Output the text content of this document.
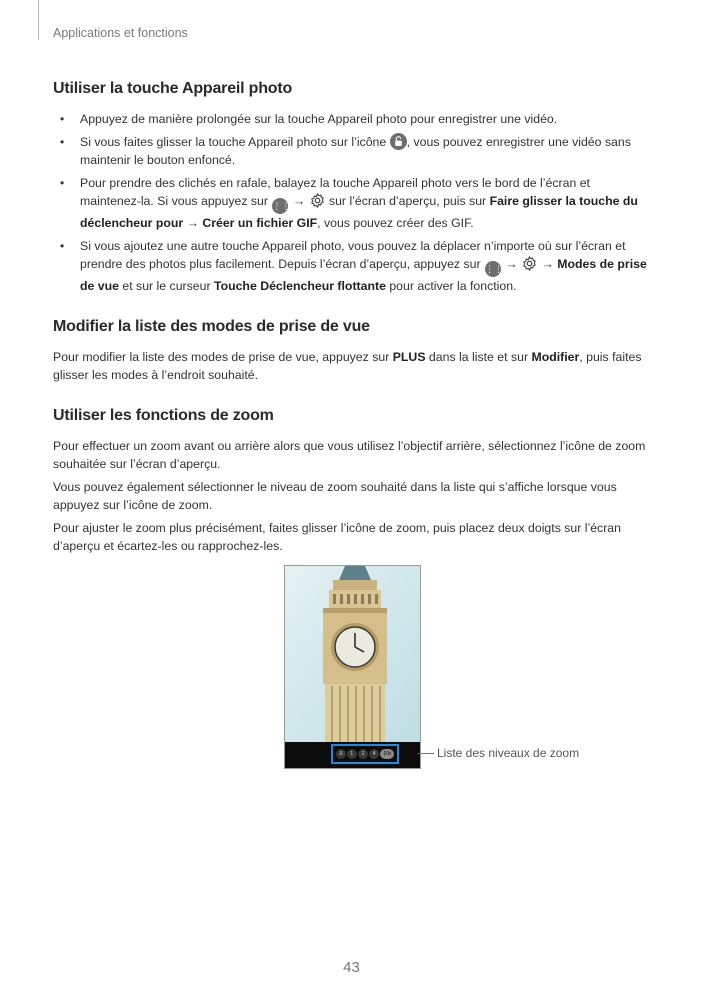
Applications et fonctions
Utiliser la touche Appareil photo
• Appuyez de manière prolongée sur la touche Appareil photo pour enregistrer une vidéo.
• Si vous faites glisser la touche Appareil photo sur l’icône , vous pouvez enregistrer une vidéo sans maintenir le bouton enfoncé.
• Pour prendre des clichés en rafale, balayez la touche Appareil photo vers le bord de l’écran et maintenez-la. Si vous appuyez sur ⋮⋮ →  sur l’écran d’aperçu, puis sur Faire glisser la touche du déclencheur pour → Créer un fichier GIF, vous pouvez créer des GIF.
• Si vous ajoutez une autre touche Appareil photo, vous pouvez la déplacer n’importe où sur l’écran et prendre des photos plus facilement. Depuis l’écran d’aperçu, appuyez sur ⋮⋮ → → Modes de prise de vue et sur le curseur Touche Déclencheur flottante pour activer la fonction.
Modifier la liste des modes de prise de vue

Pour modifier la liste des modes de prise de vue, appuyez sur PLUS dans la liste et sur Modifier, puis faites glisser les modes à l’endroit souhaité.

Utiliser les fonctions de zoom

Pour effectuer un zoom avant ou arrière alors que vous utilisez l’objectif arrière, sélectionnez l’icône de zoom souhaitée sur l’écran d’aperçu.

Vous pouvez également sélectionner le niveau de zoom souhaité dans la liste qui s’affiche lorsque vous appuyez sur l’icône de zoom.

Pour ajuster le zoom plus précisément, faites glisser l’icône de zoom, puis placez deux doigts sur l’écran d’aperçu et écartez-les ou rapprochez-les.

.6	1	2	4	10x	Liste des niveaux de zoom
43
